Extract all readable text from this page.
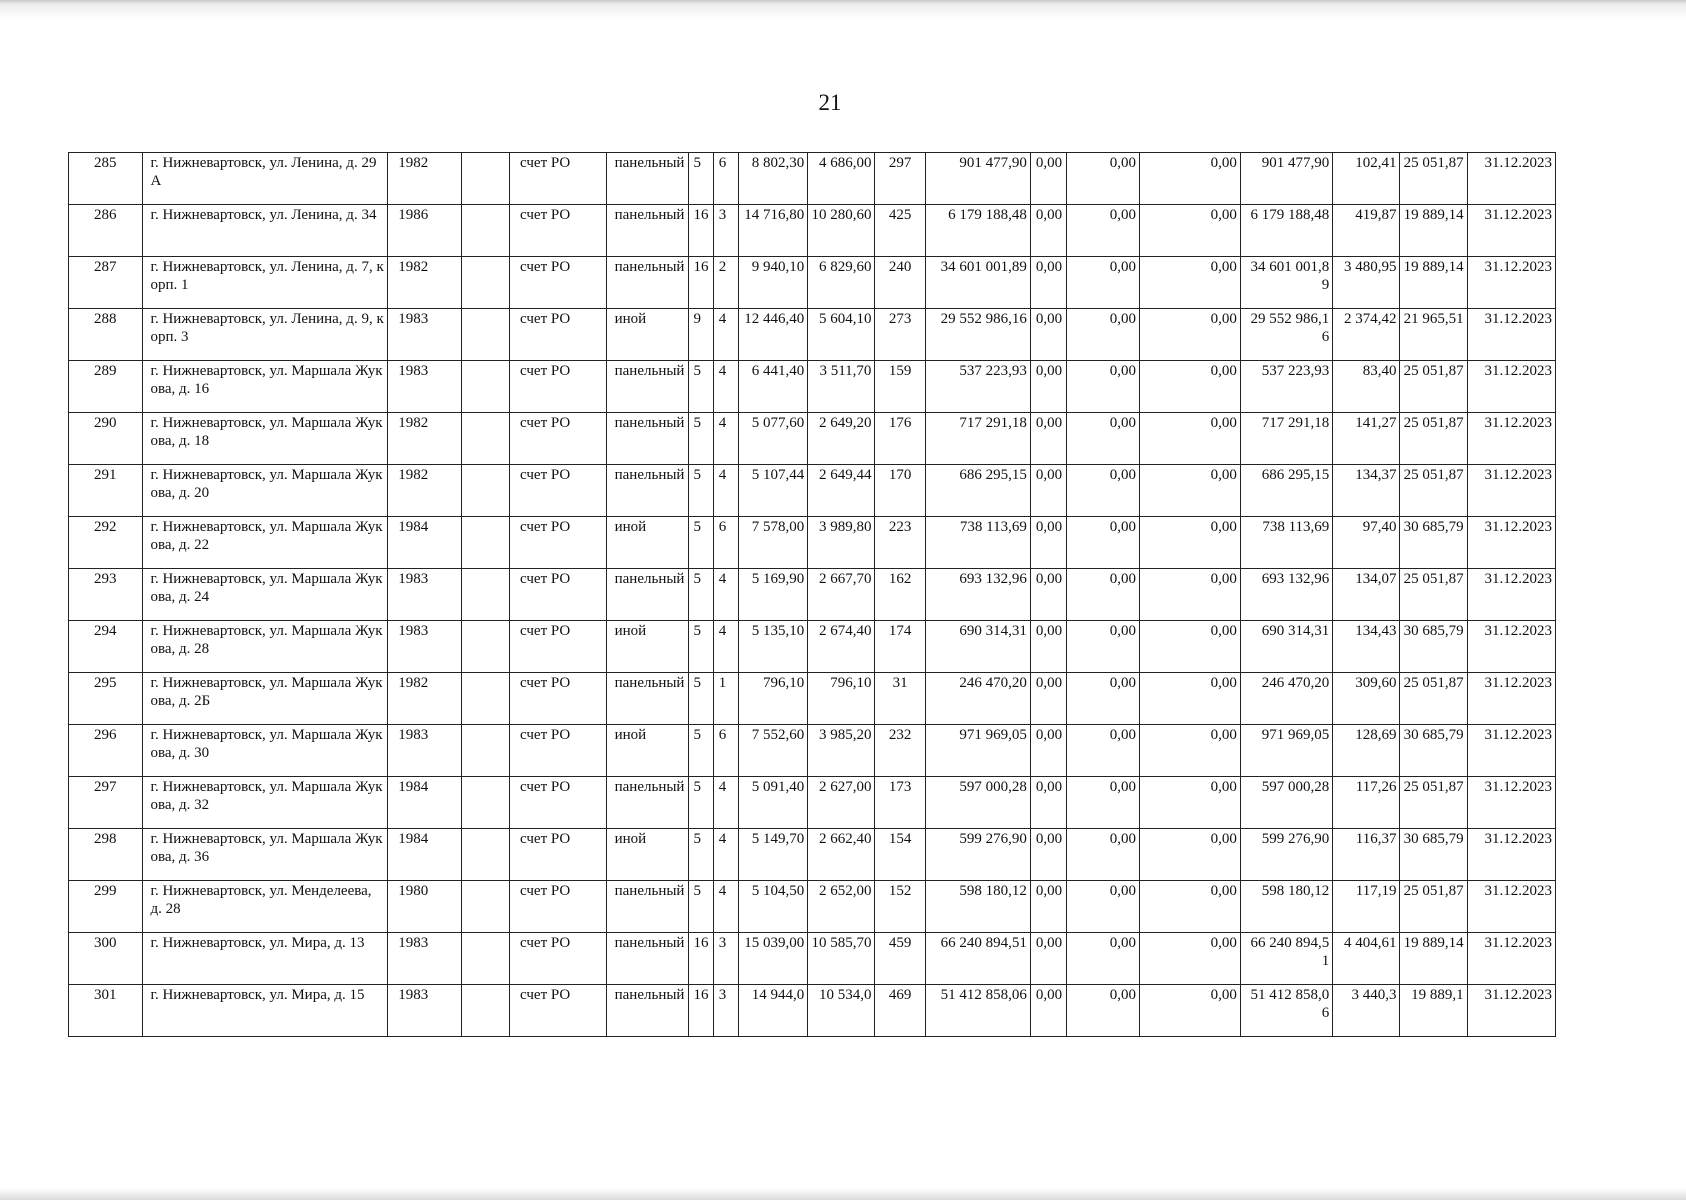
21
285	г. Нижневартовск, ул. Ленина, д. 29А	1982		счет РО	панельный	5	6	8 802,30	4 686,00	297	901 477,90	0,00	0,00	0,00	901 477,90	102,41	25 051,87	31.12.2023

286	г. Нижневартовск, ул. Ленина, д. 34	1986		счет РО	панельный	16	3	14 716,80	10 280,60	425	6 179 188,48	0,00	0,00	0,00	6 179 188,48	419,87	19 889,14	31.12.2023

287	г. Нижневартовск, ул. Ленина, д. 7, корп. 1	1982		счет РО	панельный	16	2	9 940,10	6 829,60	240	34 601 001,89	0,00	0,00	0,00	34 601 001,89	3 480,95	19 889,14	31.12.2023

288	г. Нижневартовск, ул. Ленина, д. 9, корп. 3	1983		счет РО	иной	9	4	12 446,40	5 604,10	273	29 552 986,16	0,00	0,00	0,00	29 552 986,16	2 374,42	21 965,51	31.12.2023

289	г. Нижневартовск, ул. Маршала Жукова, д. 16	1983		счет РО	панельный	5	4	6 441,40	3 511,70	159	537 223,93	0,00	0,00	0,00	537 223,93	83,40	25 051,87	31.12.2023

290	г. Нижневартовск, ул. Маршала Жукова, д. 18	1982		счет РО	панельный	5	4	5 077,60	2 649,20	176	717 291,18	0,00	0,00	0,00	717 291,18	141,27	25 051,87	31.12.2023

291	г. Нижневартовск, ул. Маршала Жукова, д. 20	1982		счет РО	панельный	5	4	5 107,44	2 649,44	170	686 295,15	0,00	0,00	0,00	686 295,15	134,37	25 051,87	31.12.2023

292	г. Нижневартовск, ул. Маршала Жукова, д. 22	1984		счет РО	иной	5	6	7 578,00	3 989,80	223	738 113,69	0,00	0,00	0,00	738 113,69	97,40	30 685,79	31.12.2023

293	г. Нижневартовск, ул. Маршала Жукова, д. 24	1983		счет РО	панельный	5	4	5 169,90	2 667,70	162	693 132,96	0,00	0,00	0,00	693 132,96	134,07	25 051,87	31.12.2023

294	г. Нижневартовск, ул. Маршала Жукова, д. 28	1983		счет РО	иной	5	4	5 135,10	2 674,40	174	690 314,31	0,00	0,00	0,00	690 314,31	134,43	30 685,79	31.12.2023

295	г. Нижневартовск, ул. Маршала Жукова, д. 2Б	1982		счет РО	панельный	5	1	796,10	796,10	31	246 470,20	0,00	0,00	0,00	246 470,20	309,60	25 051,87	31.12.2023

296	г. Нижневартовск, ул. Маршала Жукова, д. 30	1983		счет РО	иной	5	6	7 552,60	3 985,20	232	971 969,05	0,00	0,00	0,00	971 969,05	128,69	30 685,79	31.12.2023

297	г. Нижневартовск, ул. Маршала Жукова, д. 32	1984		счет РО	панельный	5	4	5 091,40	2 627,00	173	597 000,28	0,00	0,00	0,00	597 000,28	117,26	25 051,87	31.12.2023

298	г. Нижневартовск, ул. Маршала Жукова, д. 36	1984		счет РО	иной	5	4	5 149,70	2 662,40	154	599 276,90	0,00	0,00	0,00	599 276,90	116,37	30 685,79	31.12.2023

299	г. Нижневартовск, ул. Менделеева, д. 28	1980		счет РО	панельный	5	4	5 104,50	2 652,00	152	598 180,12	0,00	0,00	0,00	598 180,12	117,19	25 051,87	31.12.2023

300	г. Нижневартовск, ул. Мира, д. 13	1983		счет РО	панельный	16	3	15 039,00	10 585,70	459	66 240 894,51	0,00	0,00	0,00	66 240 894,51	4 404,61	19 889,14	31.12.2023

301	г. Нижневартовск, ул. Мира, д. 15	1983		счет РО	панельный	16	3	14 944,0	10 534,0	469	51 412 858,06	0,00	0,00	0,00	51 412 858,06	3 440,3	19 889,1	31.12.2023
